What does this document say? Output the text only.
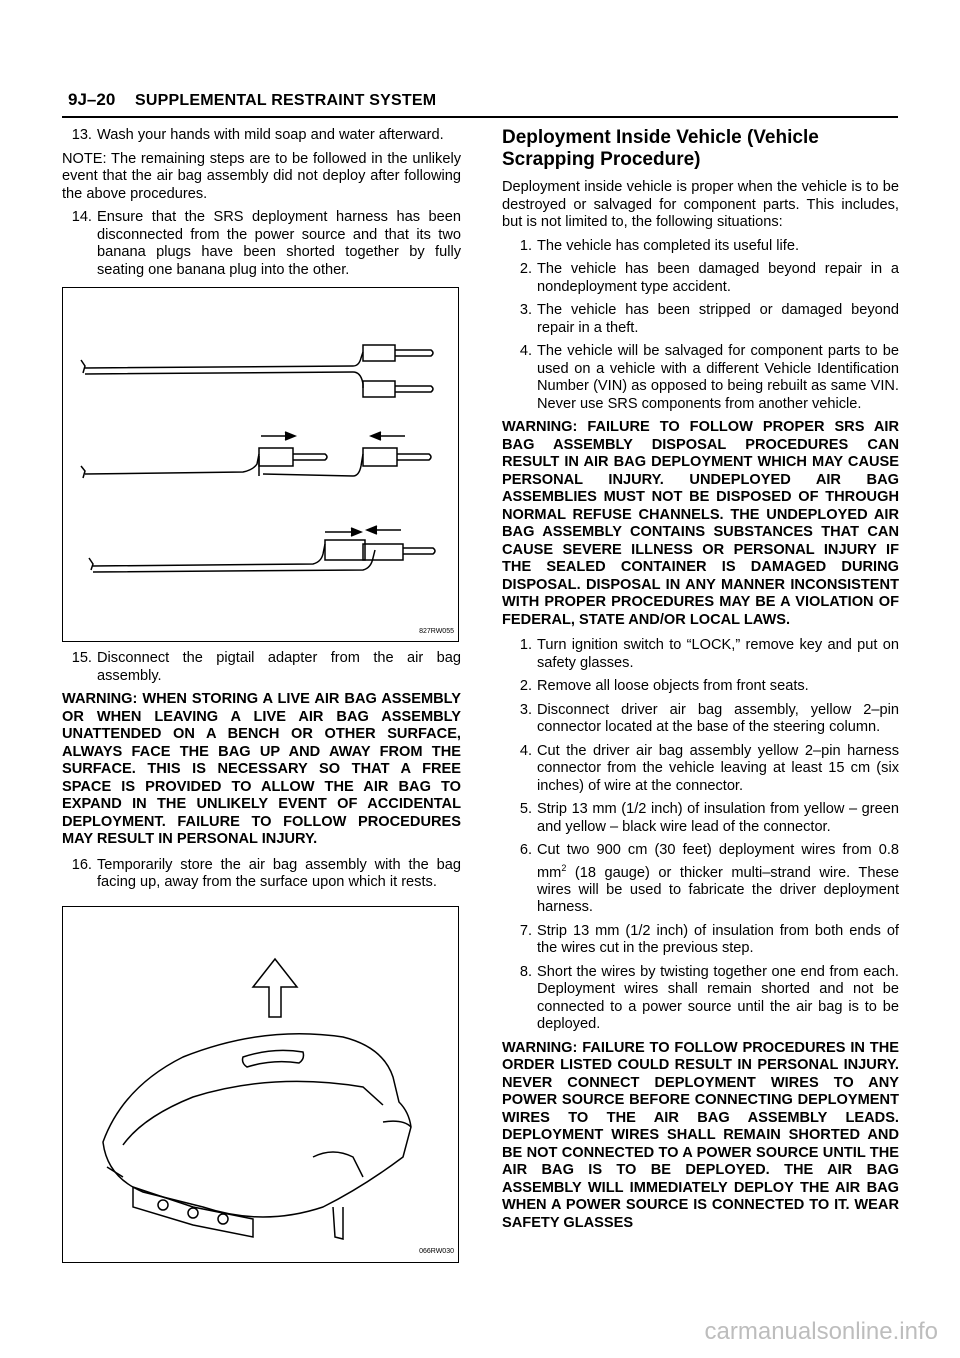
9J–20 SUPPLEMENTAL RESTRAINT SYSTEM
13. Wash your hands with mild soap and water afterward.
NOTE: The remaining steps are to be followed in the unlikely event that the air bag assembly did not deploy after following the above procedures.
14. Ensure that the SRS deployment harness has been disconnected from the power source and that its two banana plugs have been shorted together by fully seating one banana plug into the other.
827RW055
15. Disconnect the pigtail adapter from the air bag assembly.
WARNING: WHEN STORING A LIVE AIR BAG ASSEMBLY OR WHEN LEAVING A LIVE AIR BAG ASSEMBLY UNATTENDED ON A BENCH OR OTHER SURFACE, ALWAYS FACE THE BAG UP AND AWAY FROM THE SURFACE. THIS IS NECESSARY SO THAT A FREE SPACE IS PROVIDED TO ALLOW THE AIR BAG TO EXPAND IN THE UNLIKELY EVENT OF ACCIDENTAL DEPLOYMENT. FAILURE TO FOLLOW PROCEDURES MAY RESULT IN PERSONAL INJURY.
16. Temporarily store the air bag assembly with the bag facing up, away from the surface upon which it rests.
066RW030
Deployment Inside Vehicle (Vehicle Scrapping Procedure)
Deployment inside vehicle is proper when the vehicle is to be destroyed or salvaged for component parts. This includes, but is not limited to, the following situations:
1. The vehicle has completed its useful life.
2. The vehicle has been damaged beyond repair in a nondeployment type accident.
3. The vehicle has been stripped or damaged beyond repair in a theft.
4. The vehicle will be salvaged for component parts to be used on a vehicle with a different Vehicle Identification Number (VIN) as opposed to being rebuilt as same VIN. Never use SRS components from another vehicle.
WARNING: FAILURE TO FOLLOW PROPER SRS AIR BAG ASSEMBLY DISPOSAL PROCEDURES CAN RESULT IN AIR BAG DEPLOYMENT WHICH MAY CAUSE PERSONAL INJURY. UNDEPLOYED AIR BAG ASSEMBLIES MUST NOT BE DISPOSED OF THROUGH NORMAL REFUSE CHANNELS. THE UNDEPLOYED AIR BAG ASSEMBLY CONTAINS SUBSTANCES THAT CAN CAUSE SEVERE ILLNESS OR PERSONAL INJURY IF THE SEALED CONTAINER IS DAMAGED DURING DISPOSAL. DISPOSAL IN ANY MANNER INCONSISTENT WITH PROPER PROCEDURES MAY BE A VIOLATION OF FEDERAL, STATE AND/OR LOCAL LAWS.
1. Turn ignition switch to “LOCK,” remove key and put on safety glasses.
2. Remove all loose objects from front seats.
3. Disconnect driver air bag assembly, yellow 2–pin connector located at the base of the steering column.
4. Cut the driver air bag assembly yellow 2–pin harness connector from the vehicle leaving at least 15 cm (six inches) of wire at the connector.
5. Strip 13 mm (1/2 inch) of insulation from yellow – green and yellow – black wire lead of the connector.
6. Cut two 900 cm (30 feet) deployment wires from 0.8 $mm^2$ (18 gauge) or thicker multi–strand wire. These wires will be used to fabricate the driver deployment harness.
7. Strip 13 mm (1/2 inch) of insulation from both ends of the wires cut in the previous step.
8. Short the wires by twisting together one end from each. Deployment wires shall remain shorted and not be connected to a power source until the air bag is to be deployed.
WARNING: FAILURE TO FOLLOW PROCEDURES IN THE ORDER LISTED COULD RESULT IN PERSONAL INJURY. NEVER CONNECT DEPLOYMENT WIRES TO ANY POWER SOURCE BEFORE CONNECTING DEPLOYMENT WIRES TO THE AIR BAG ASSEMBLY LEADS. DEPLOYMENT WIRES SHALL REMAIN SHORTED AND BE NOT CONNECTED TO A POWER SOURCE UNTIL THE AIR BAG IS TO BE DEPLOYED. THE AIR BAG ASSEMBLY WILL IMMEDIATELY DEPLOY THE AIR BAG WHEN A POWER SOURCE IS CONNECTED TO IT. WEAR SAFETY GLASSES
carmanualsonline.info
